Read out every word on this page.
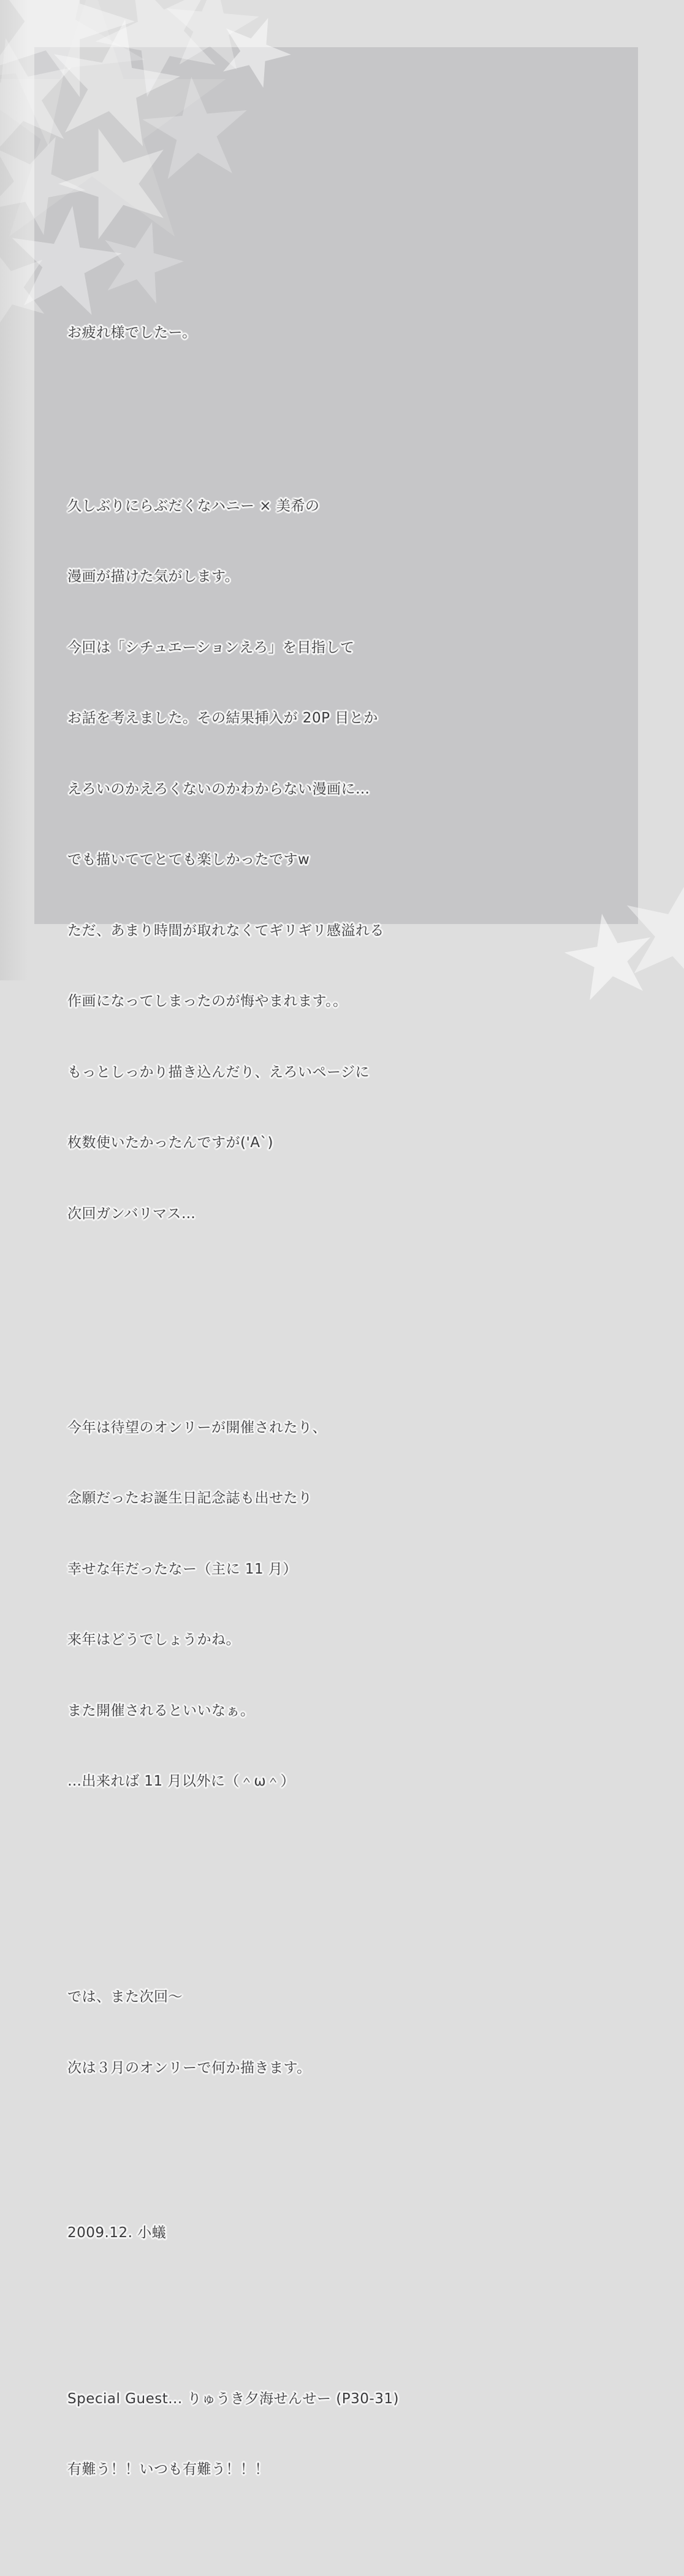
お疲れ様でしたー。

久しぶりにらぶだくなハニー × 美希の

漫画が描けた気がします。

今回は「シチュエーションえろ」を目指して

お話を考えました。その結果挿入が 20P 目とか

えろいのかえろくないのかわからない漫画に…

でも描いててとても楽しかったですw

ただ、あまり時間が取れなくてギリギリ感溢れる

作画になってしまったのが悔やまれます。。

もっとしっかり描き込んだり、えろいページに

枚数使いたかったんですが('A`)

次回ガンバリマス…

今年は待望のオンリーが開催されたり、

念願だったお誕生日記念誌も出せたり

幸せな年だったなー（主に 11 月）

来年はどうでしょうかね。

また開催されるといいなぁ。

…出来れば 11 月以外に（＾ω＾）

では、また次回～

次は３月のオンリーで何か描きます。

2009.12. 小蟻

Special Guest... りゅうき夕海せんせー (P30-31)

有難う！！いつも有難う！！！
